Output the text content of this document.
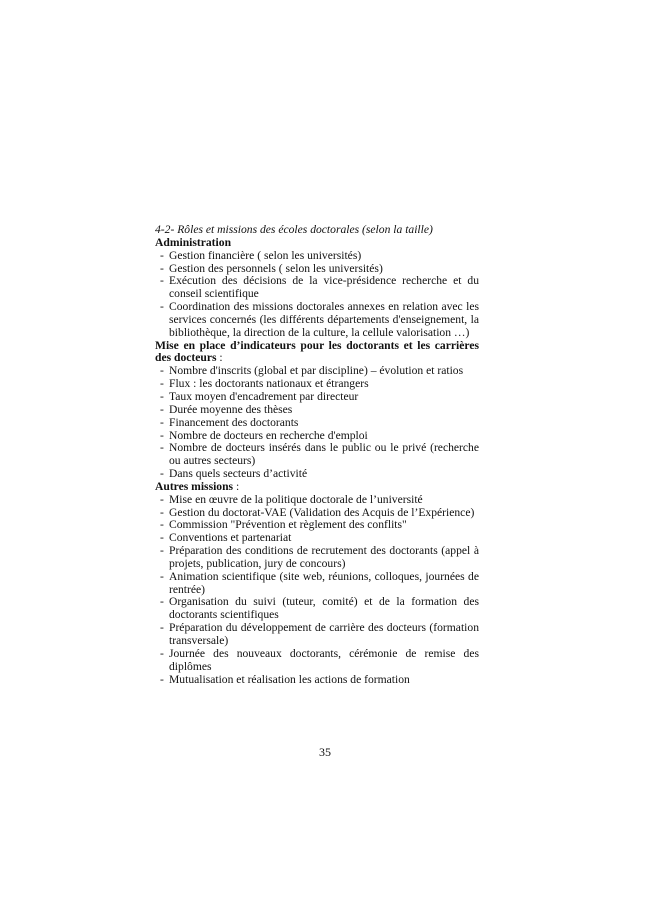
4-2- Rôles et missions des écoles doctorales (selon la taille)

Administration

- Gestion financière ( selon les universités)
- Gestion des personnels ( selon les universités)
- Exécution des décisions de la vice-présidence recherche et du conseil scientifique
- Coordination des missions doctorales annexes en relation avec les services concernés (les différents départements d'enseignement, la bibliothèque, la direction de la culture, la cellule valorisation …)

Mise en place d’indicateurs pour les doctorants et les carrières des docteurs :

- Nombre d'inscrits (global et par discipline) – évolution et ratios
- Flux : les doctorants nationaux et étrangers
- Taux moyen d'encadrement par directeur
- Durée moyenne des thèses
- Financement des doctorants
- Nombre de docteurs en recherche d'emploi
- Nombre de docteurs insérés dans le public ou le privé (recherche ou autres secteurs)
- Dans quels secteurs d’activité

Autres missions :

- Mise en œuvre de la politique doctorale de l’université
- Gestion du doctorat-VAE (Validation des Acquis de l’Expérience)
- Commission "Prévention et règlement des conflits"
- Conventions et partenariat
- Préparation des conditions de recrutement des doctorants (appel à projets, publication, jury de concours)
- Animation scientifique (site web, réunions, colloques, journées de rentrée)
- Organisation du suivi (tuteur, comité) et de la formation des doctorants scientifiques
- Préparation du développement de carrière des docteurs (formation transversale)
- Journée des nouveaux doctorants, cérémonie de remise des diplômes
- Mutualisation et réalisation les actions de formation
35
